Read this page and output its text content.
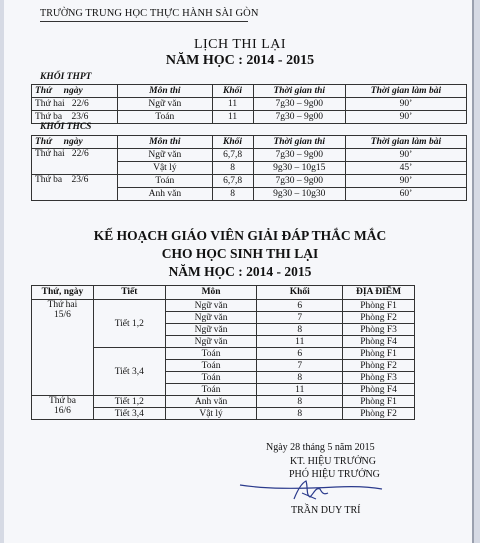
TRƯỜNG TRUNG HỌC THỰC HÀNH SÀI GÒN
LỊCH THI LẠI
NĂM HỌC : 2014 - 2015
KHỐI THPT
Thứ ngày	Môn thi	Khối	Thời gian thi	Thời gian làm bài
Thứ hai 22/6	Ngữ văn	11	7g30 – 9g00	90’
Thứ ba 23/6	Toán	11	7g30 – 9g00	90’
KHỐI THCS
Thứ ngày	Môn thi	Khối	Thời gian thi	Thời gian làm bài
Thứ hai 22/6	Ngữ văn	6,7,8	7g30 – 9g00	90’
	Vật lý	8	9g30 – 10g15	45’
Thứ ba 23/6	Toán	6,7,8	7g30 – 9g00	90’
	Anh văn	8	9g30 – 10g30	60’
KẾ HOẠCH GIÁO VIÊN GIẢI ĐÁP THẮC MẮC
CHO HỌC SINH THI LẠI
NĂM HỌC : 2014 - 2015
Thứ, ngày	Tiết	Môn	Khối	ĐỊA ĐIỂM

Thứ hai
15/6	Tiết 1,2	Ngữ văn	6	Phòng F1
		Ngữ văn	7	Phòng F2
		Ngữ văn	8	Phòng F3
		Ngữ văn	11	Phòng F4
	Tiết 3,4	Toán	6	Phòng F1
		Toán	7	Phòng F2
		Toán	8	Phòng F3
		Toán	11	Phòng F4

Thứ ba
16/6	Tiết 1,2	Anh văn	8	Phòng F1
	Tiết 3,4	Vật lý	8	Phòng F2
Ngày 28 tháng 5 năm 2015
KT. HIỆU TRƯỞNG
PHÓ HIỆU TRƯỞNG
TRẦN DUY TRÍ
